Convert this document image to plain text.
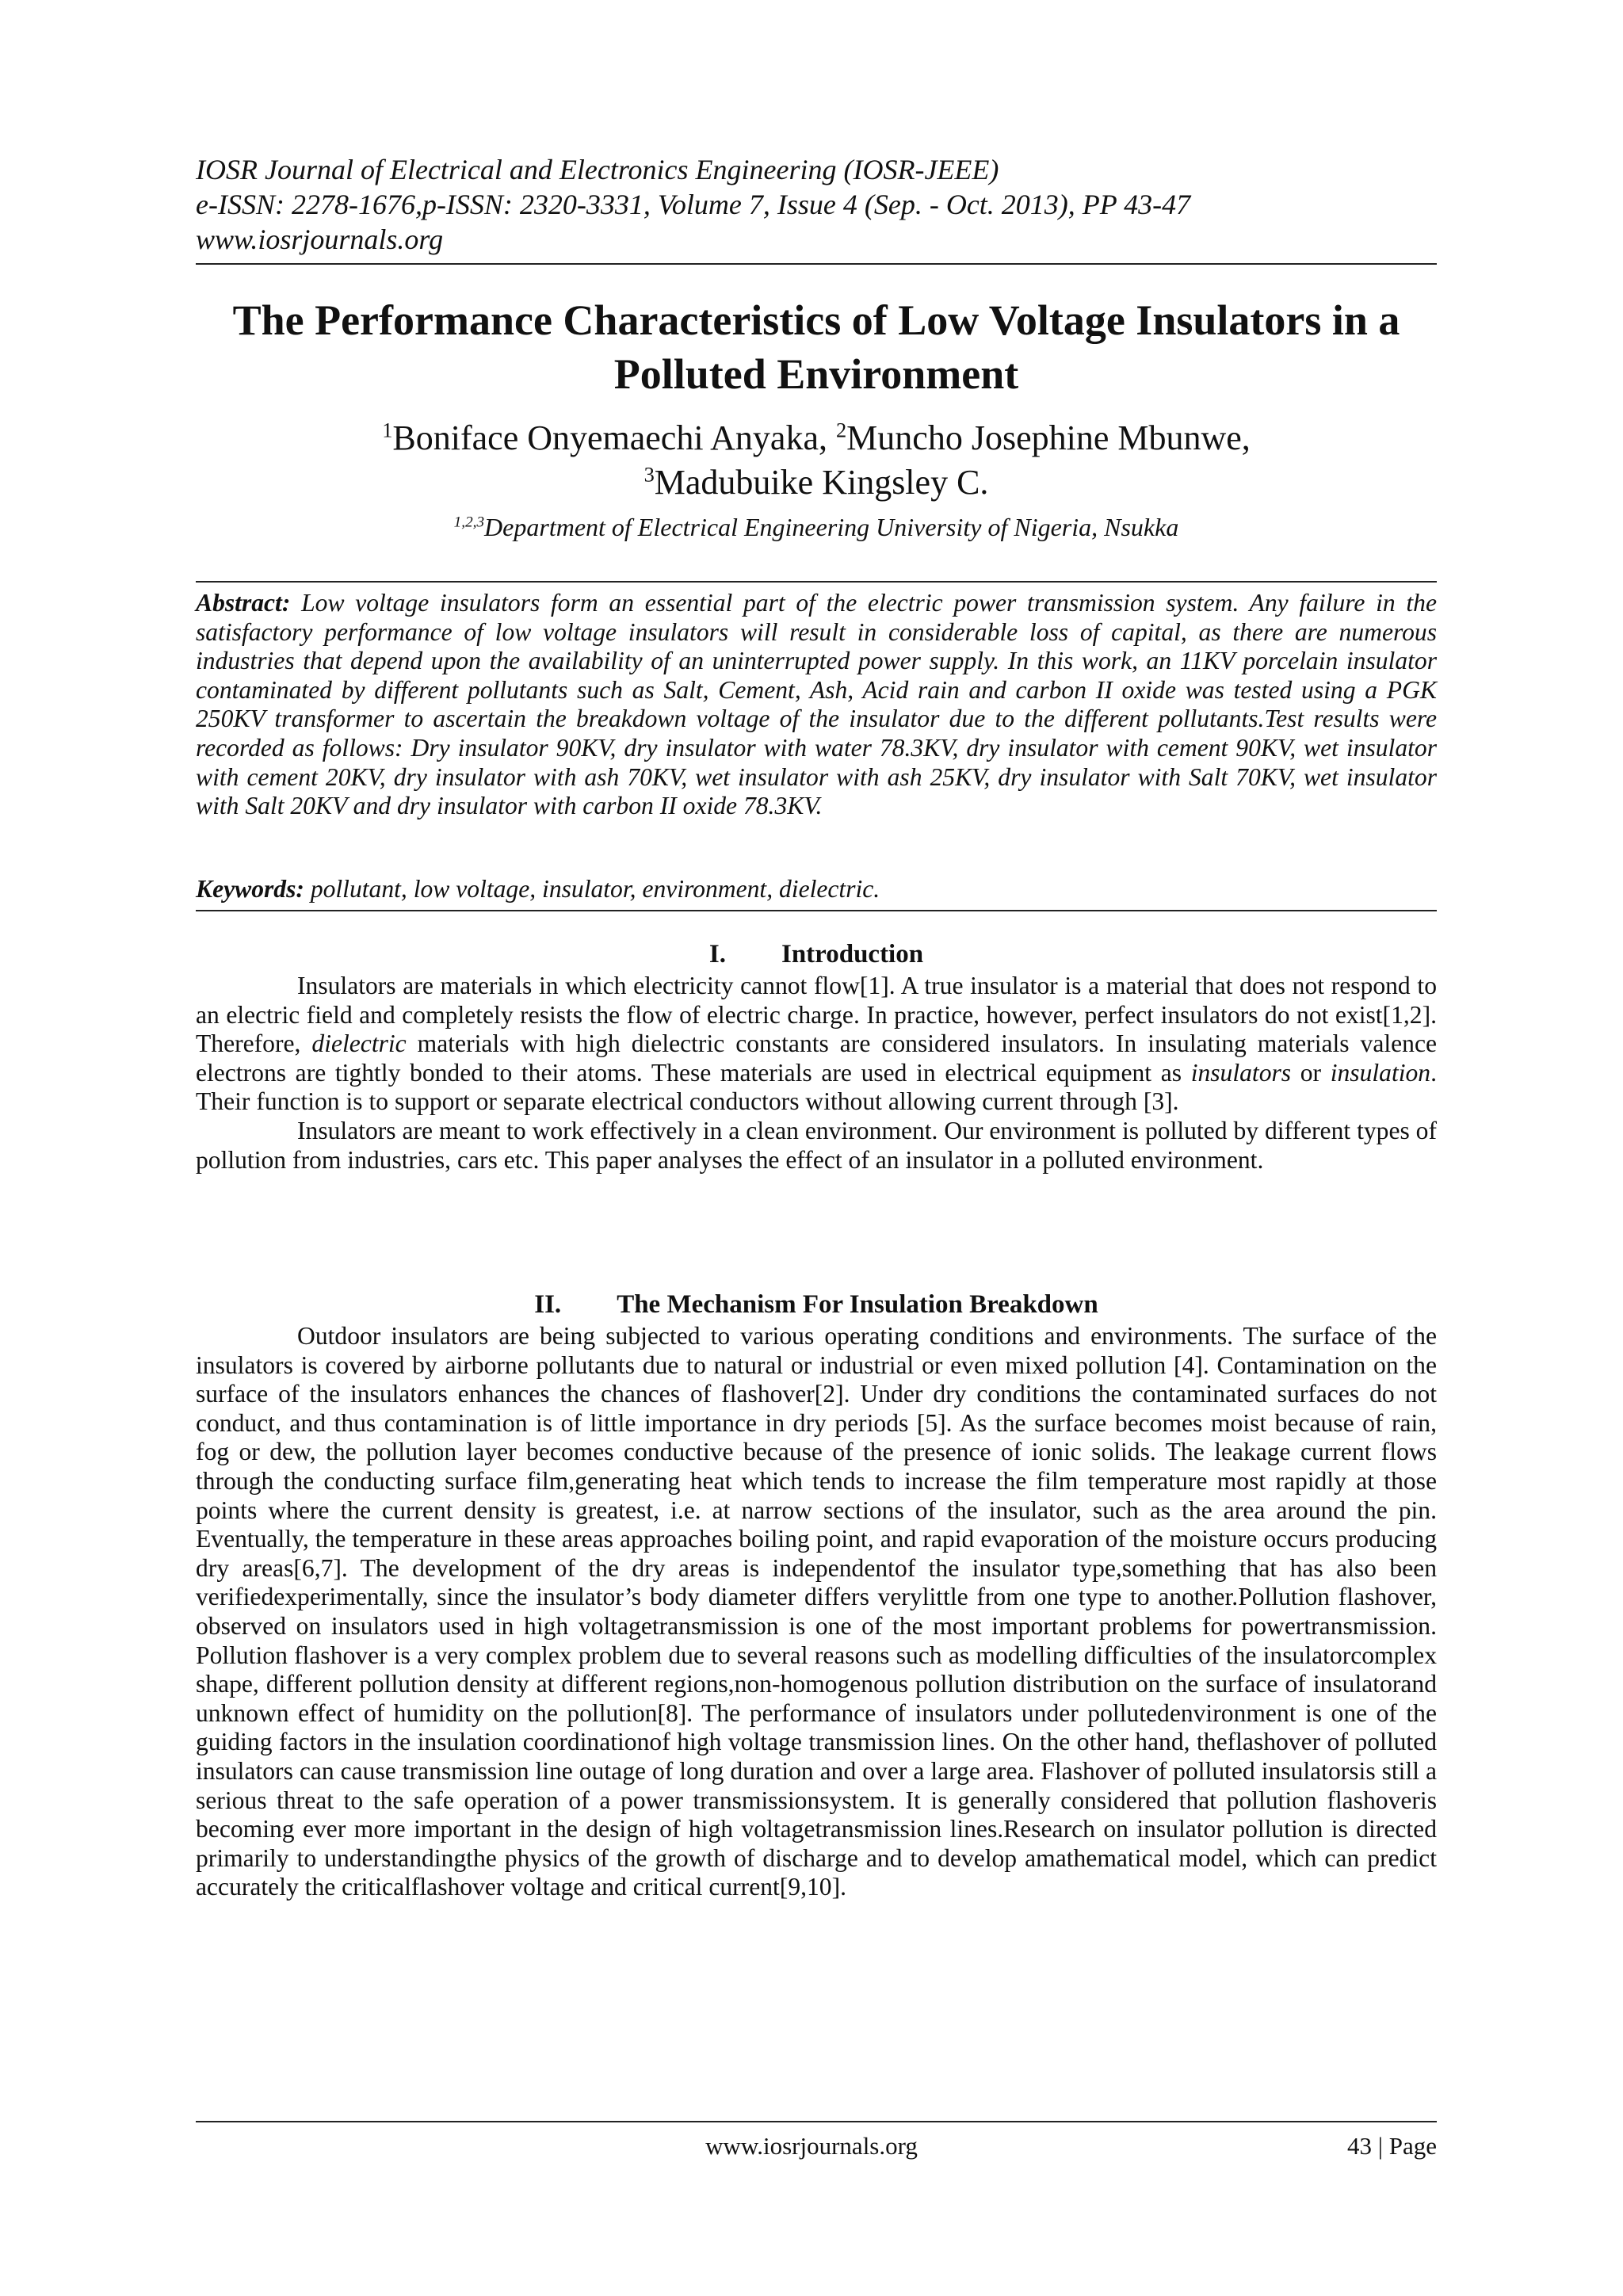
IOSR Journal of Electrical and Electronics Engineering (IOSR-JEEE)
e-ISSN: 2278-1676,p-ISSN: 2320-3331, Volume 7, Issue 4 (Sep. - Oct. 2013), PP 43-47
www.iosrjournals.org
The Performance Characteristics of Low Voltage Insulators in a
Polluted Environment
$^1$Boniface Onyemaechi Anyaka, $^2$Muncho Josephine Mbunwe,
$^3$Madubuike Kingsley C.
$^{1,2,3}$Department of Electrical Engineering University of Nigeria, Nsukka
Abstract: Low voltage insulators form an essential part of the electric power transmission system. Any failure in the satisfactory performance of low voltage insulators will result in considerable loss of capital, as there are numerous industries that depend upon the availability of an uninterrupted power supply. In this work, an 11KV porcelain insulator contaminated by different pollutants such as Salt, Cement, Ash, Acid rain and carbon II oxide was tested using a PGK 250KV transformer to ascertain the breakdown voltage of the insulator due to the different pollutants.Test results were recorded as follows: Dry insulator 90KV, dry insulator with water 78.3KV, dry insulator with cement 90KV, wet insulator with cement 20KV, dry insulator with ash 70KV, wet insulator with ash 25KV, dry insulator with Salt 70KV, wet insulator with Salt 20KV and dry insulator with carbon II oxide 78.3KV.
Keywords: pollutant, low voltage, insulator, environment, dielectric.
I. Introduction

Insulators are materials in which electricity cannot flow[1]. A true insulator is a material that does not respond to an electric field and completely resists the flow of electric charge. In practice, however, perfect insulators do not exist[1,2]. Therefore, dielectric materials with high dielectric constants are considered insulators. In insulating materials valence electrons are tightly bonded to their atoms. These materials are used in electrical equipment as insulators or insulation. Their function is to support or separate electrical conductors without allowing current through [3].

Insulators are meant to work effectively in a clean environment. Our environment is polluted by different types of pollution from industries, cars etc. This paper analyses the effect of an insulator in a polluted environment.

II. The Mechanism For Insulation Breakdown

Outdoor insulators are being subjected to various operating conditions and environments. The surface of the insulators is covered by airborne pollutants due to natural or industrial or even mixed pollution [4]. Contamination on the surface of the insulators enhances the chances of flashover[2]. Under dry conditions the contaminated surfaces do not conduct, and thus contamination is of little importance in dry periods [5]. As the surface becomes moist because of rain, fog or dew, the pollution layer becomes conductive because of the presence of ionic solids. The leakage current flows through the conducting surface film,generating heat which tends to increase the film temperature most rapidly at those points where the current density is greatest, i.e. at narrow sections of the insulator, such as the area around the pin. Eventually, the temperature in these areas approaches boiling point, and rapid evaporation of the moisture occurs producing dry areas[6,7]. The development of the dry areas is independentof the insulator type,something that has also been verifiedexperimentally, since the insulator’s body diameter differs verylittle from one type to another.Pollution flashover, observed on insulators used in high voltagetransmission is one of the most important problems for powertransmission. Pollution flashover is a very complex problem due to several reasons such as modelling difficulties of the insulatorcomplex shape, different pollution density at different regions,non-homogenous pollution distribution on the surface of insulatorand unknown effect of humidity on the pollution[8]. The performance of insulators under pollutedenvironment is one of the guiding factors in the insulation coordinationof high voltage transmission lines. On the other hand, theflashover of polluted insulators can cause transmission line outage of long duration and over a large area. Flashover of polluted insulatorsis still a serious threat to the safe operation of a power transmissionsystem. It is generally considered that pollution flashoveris becoming ever more important in the design of high voltagetransmission lines.Research on insulator pollution is directed primarily to understandingthe physics of the growth of discharge and to develop amathematical model, which can predict accurately the criticalflashover voltage and critical current[9,10].

www.iosrjournals.org	43 | Page
